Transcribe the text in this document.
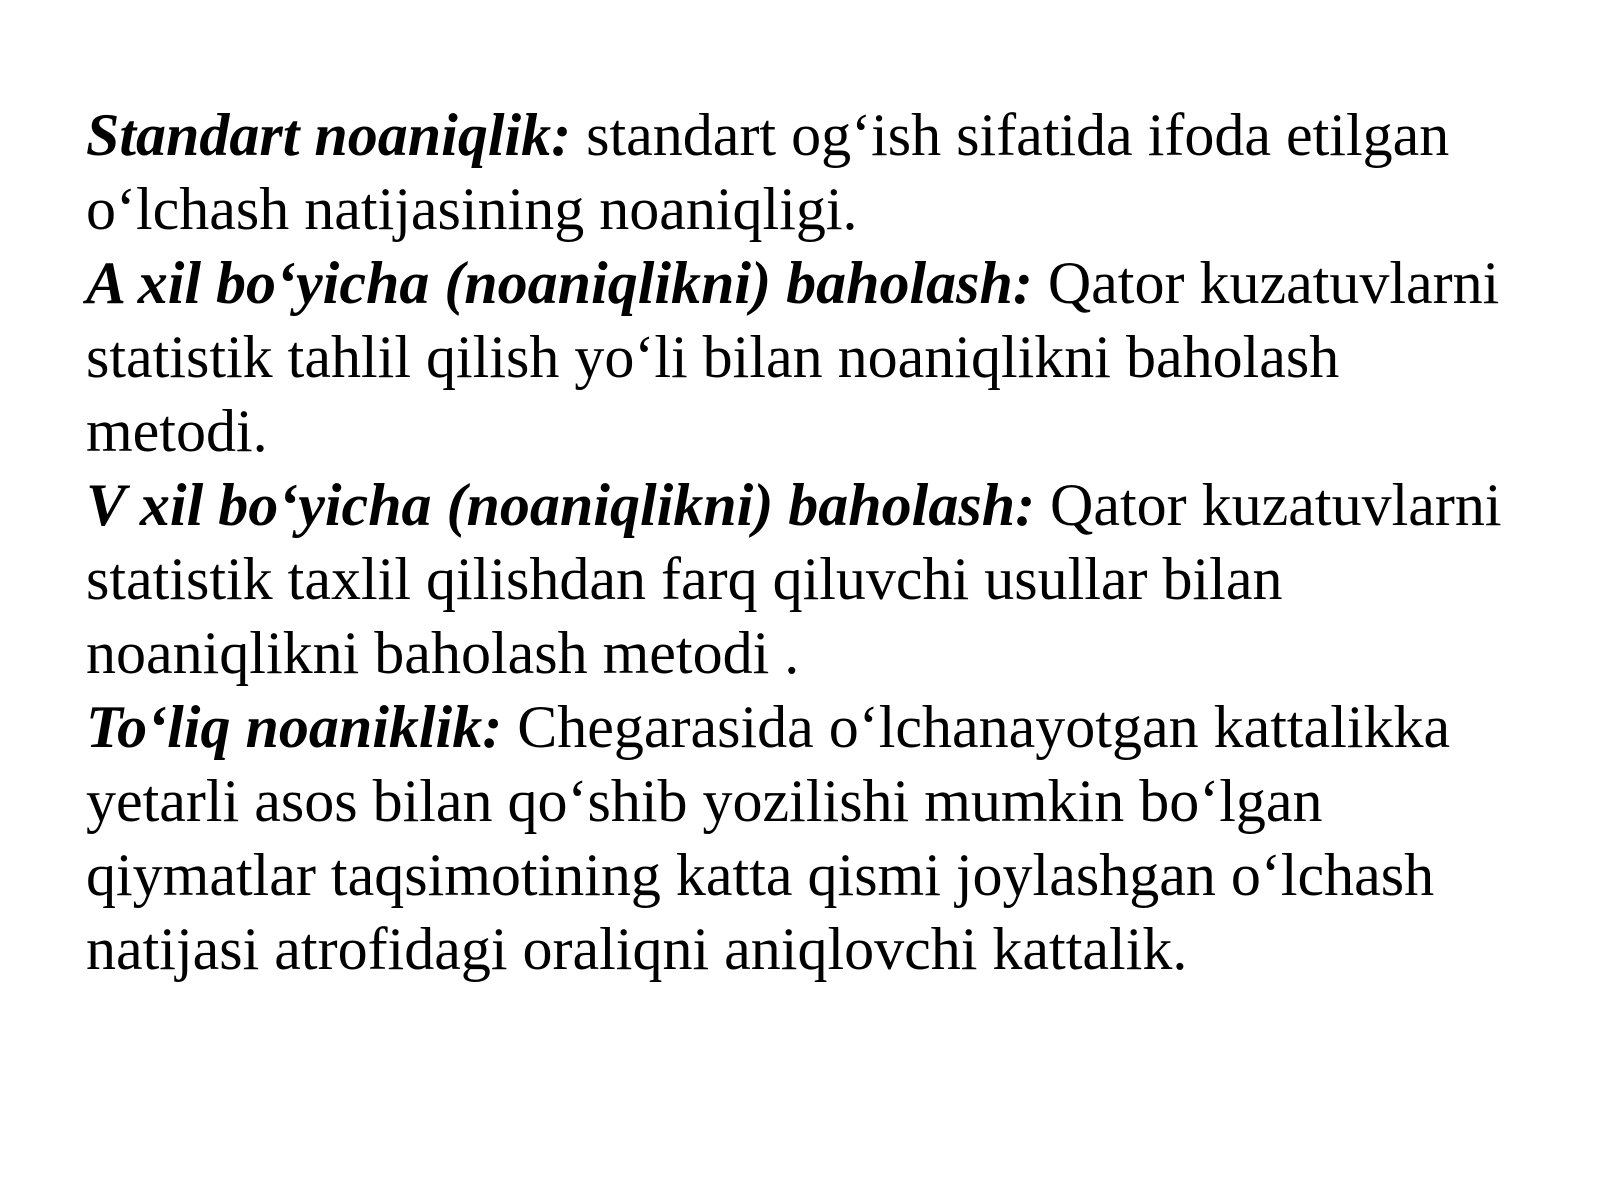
Standart noaniqlik: standart og‘ish sifatida ifoda etilgan o‘lchash natijasining noaniqligi.

A xil bo‘yicha (noaniqlikni) baholash: Qator kuzatuvlarni statistik tahlil qilish yo‘li bilan noaniqlikni baholash metodi.

V xil bo‘yicha (noaniqlikni) baholash: Qator kuzatuvlarni statistik taxlil qilishdan farq qiluvchi usullar bilan noaniqlikni baholash metodi .

To‘liq noaniklik: Chegarasida o‘lchanayotgan kattalikka yetarli asos bilan qo‘shib yozilishi mumkin bo‘lgan qiymatlar taqsimotining katta qismi joylashgan o‘lchash natijasi atrofidagi oraliqni aniqlovchi kattalik.
